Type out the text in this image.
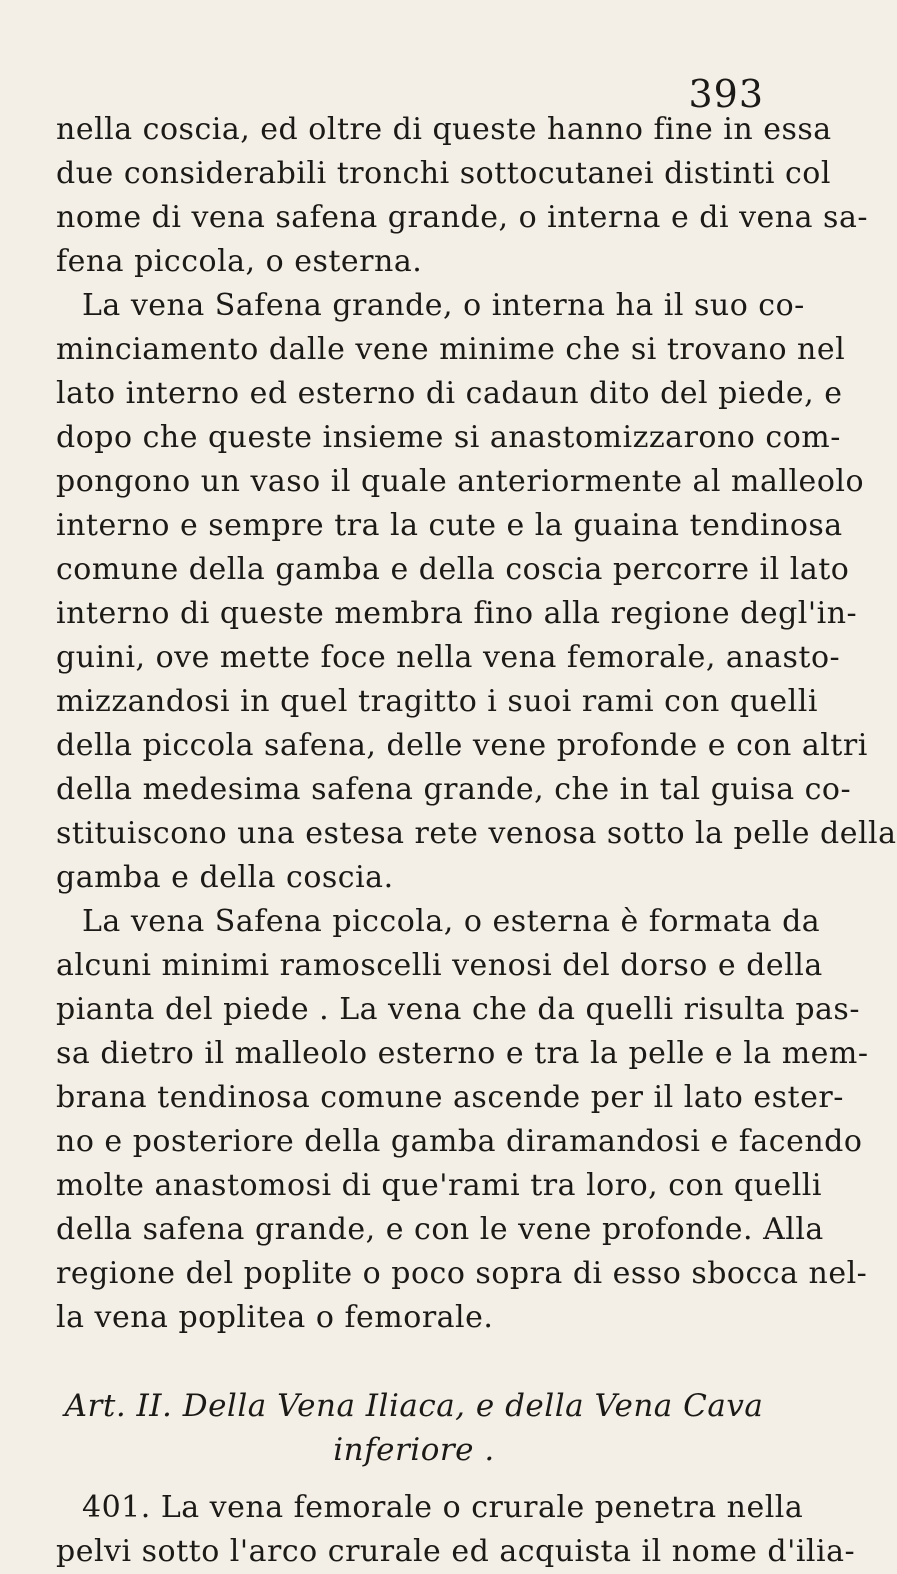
393
nella coscia, ed oltre di queste hanno fine in essa
due considerabili tronchi sottocutanei distinti col
nome di vena safena grande, o interna e di vena sa-
fena piccola, o esterna.
La vena Safena grande, o interna ha il suo co-
minciamento dalle vene minime che si trovano nel
lato interno ed esterno di cadaun dito del piede, e
dopo che queste insieme si anastomizzarono com-
pongono un vaso il quale anteriormente al malleolo
interno e sempre tra la cute e la guaina tendinosa
comune della gamba e della coscia percorre il lato
interno di queste membra fino alla regione degl'in-
guini, ove mette foce nella vena femorale, anasto-
mizzandosi in quel tragitto i suoi rami con quelli
della piccola safena, delle vene profonde e con altri
della medesima safena grande, che in tal guisa co-
stituiscono una estesa rete venosa sotto la pelle della
gamba e della coscia.
La vena Safena piccola, o esterna è formata da
alcuni minimi ramoscelli venosi del dorso e della
pianta del piede . La vena che da quelli risulta pas-
sa dietro il malleolo esterno e tra la pelle e la mem-
brana tendinosa comune ascende per il lato ester-
no e posteriore della gamba diramandosi e facendo
molte anastomosi di que'rami tra loro, con quelli
della safena grande, e con le vene profonde. Alla
regione del poplite o poco sopra di esso sbocca nel-
la vena poplitea o femorale.
Art. II. Della Vena Iliaca, e della Vena Cava
inferiore .
401. La vena femorale o crurale penetra nella
pelvi sotto l'arco crurale ed acquista il nome d'ilia-
